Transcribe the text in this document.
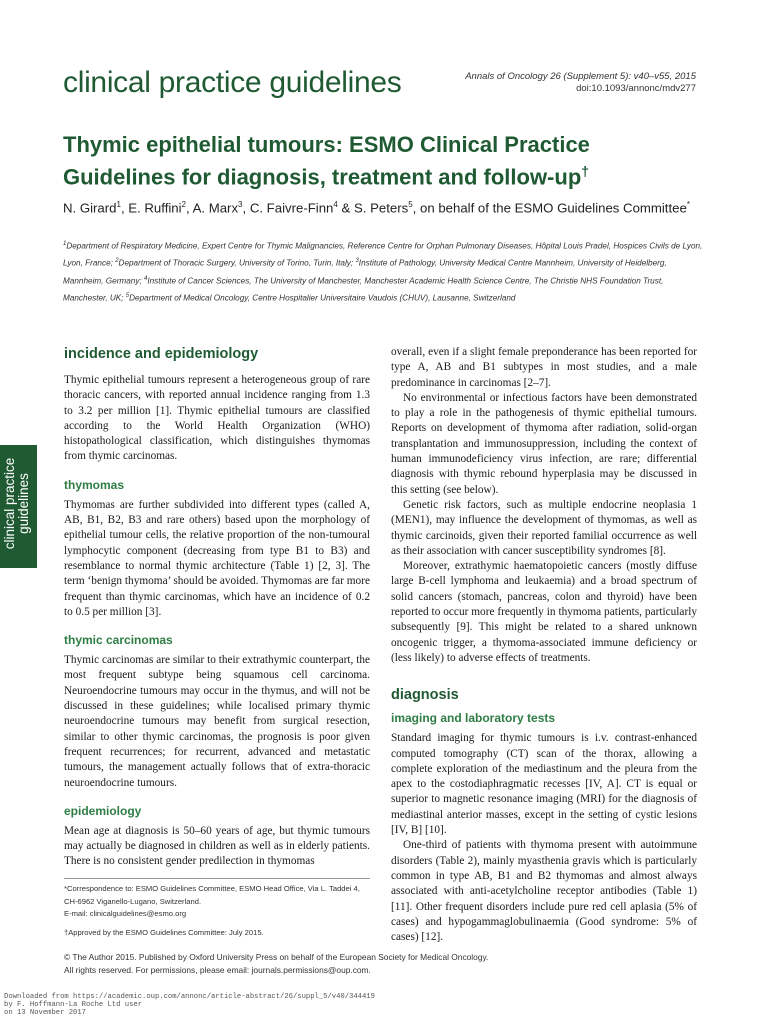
clinical practice guidelines	Annals of Oncology 26 (Supplement 5): v40–v55, 2015
doi:10.1093/annonc/mdv277
Thymic epithelial tumours: ESMO Clinical Practice Guidelines for diagnosis, treatment and follow-up†
N. Girard$^1$, E. Ruffini$^2$, A. Marx$^3$, C. Faivre-Finn$^4$ & S. Peters$^5$, on behalf of the ESMO Guidelines Committee*
$^1$Department of Respiratory Medicine, Expert Centre for Thymic Malignancies, Reference Centre for Orphan Pulmonary Diseases, Hôpital Louis Pradel, Hospices Civils de Lyon, Lyon, France; $^2$Department of Thoracic Surgery, University of Torino, Turin, Italy; $^3$Institute of Pathology, University Medical Centre Mannheim, University of Heidelberg, Mannheim, Germany; $^4$Institute of Cancer Sciences, The University of Manchester, Manchester Academic Health Science Centre, The Christie NHS Foundation Trust, Manchester, UK; $^5$Department of Medical Oncology, Centre Hospitalier Universitaire Vaudois (CHUV), Lausanne, Switzerland
clinical practice guidelines
incidence and epidemiology

Thymic epithelial tumours represent a heterogeneous group of rare thoracic cancers, with reported annual incidence ranging from 1.3 to 3.2 per million [1]. Thymic epithelial tumours are classified according to the World Health Organization (WHO) histopathological classification, which distinguishes thymomas from thymic carcinomas.

thymomas

Thymomas are further subdivided into different types (called A, AB, B1, B2, B3 and rare others) based upon the morphology of epithelial tumour cells, the relative proportion of the non-tumoural lymphocytic component (decreasing from type B1 to B3) and resemblance to normal thymic architecture (Table 1) [2, 3]. The term ‘benign thymoma’ should be avoided. Thymomas are far more frequent than thymic carcinomas, which have an incidence of 0.2 to 0.5 per million [3].

thymic carcinomas

Thymic carcinomas are similar to their extrathymic counterpart, the most frequent subtype being squamous cell carcinoma. Neuroendocrine tumours may occur in the thymus, and will not be discussed in these guidelines; while localised primary thymic neuroendocrine tumours may benefit from surgical resection, similar to other thymic carcinomas, the prognosis is poor given frequent recurrences; for recurrent, advanced and metastatic tumours, the management actually follows that of extra-thoracic neuroendocrine tumours.

epidemiology

Mean age at diagnosis is 50–60 years of age, but thymic tumours may actually be diagnosed in children as well as in elderly patients. There is no consistent gender predilection in thymomas

overall, even if a slight female preponderance has been reported for type A, AB and B1 subtypes in most studies, and a male predominance in carcinomas [2–7].

No environmental or infectious factors have been demonstrated to play a role in the pathogenesis of thymic epithelial tumours. Reports on development of thymoma after radiation, solid-organ transplantation and immunosuppression, including the context of human immunodeficiency virus infection, are rare; differential diagnosis with thymic rebound hyperplasia may be discussed in this setting (see below).

Genetic risk factors, such as multiple endocrine neoplasia 1 (MEN1), may influence the development of thymomas, as well as thymic carcinoids, given their reported familial occurrence as well as their association with cancer susceptibility syndromes [8].

Moreover, extrathymic haematopoietic cancers (mostly diffuse large B-cell lymphoma and leukaemia) and a broad spectrum of solid cancers (stomach, pancreas, colon and thyroid) have been reported to occur more frequently in thymoma patients, particularly subsequently [9]. This might be related to a shared unknown oncogenic trigger, a thymoma-associated immune deficiency or (less likely) to adverse effects of treatments.

diagnosis
imaging and laboratory tests

Standard imaging for thymic tumours is i.v. contrast-enhanced computed tomography (CT) scan of the thorax, allowing a complete exploration of the mediastinum and the pleura from the apex to the costodiaphragmatic recesses [IV, A]. CT is equal or superior to magnetic resonance imaging (MRI) for the diagnosis of mediastinal anterior masses, except in the setting of cystic lesions [IV, B] [10].

One-third of patients with thymoma present with autoimmune disorders (Table 2), mainly myasthenia gravis which is particularly common in type AB, B1 and B2 thymomas and almost always associated with anti-acetylcholine receptor antibodies (Table 1) [11]. Other frequent disorders include pure red cell aplasia (5% of cases) and hypogammaglobulinaemia (Good syndrome: 5% of cases) [12].

*Correspondence to: ESMO Guidelines Committee, ESMO Head Office, Via L. Taddei 4, CH-6962 Viganello-Lugano, Switzerland.

E-mail: clinicalguidelines@esmo.org

†Approved by the ESMO Guidelines Committee: July 2015.

© The Author 2015. Published by Oxford University Press on behalf of the European Society for Medical Oncology.

All rights reserved. For permissions, please email: journals.permissions@oup.com.

Downloaded from https://academic.oup.com/annonc/article-abstract/26/suppl_5/v40/344419

by F. Hoffmann-La Roche Ltd user

on 13 November 2017
